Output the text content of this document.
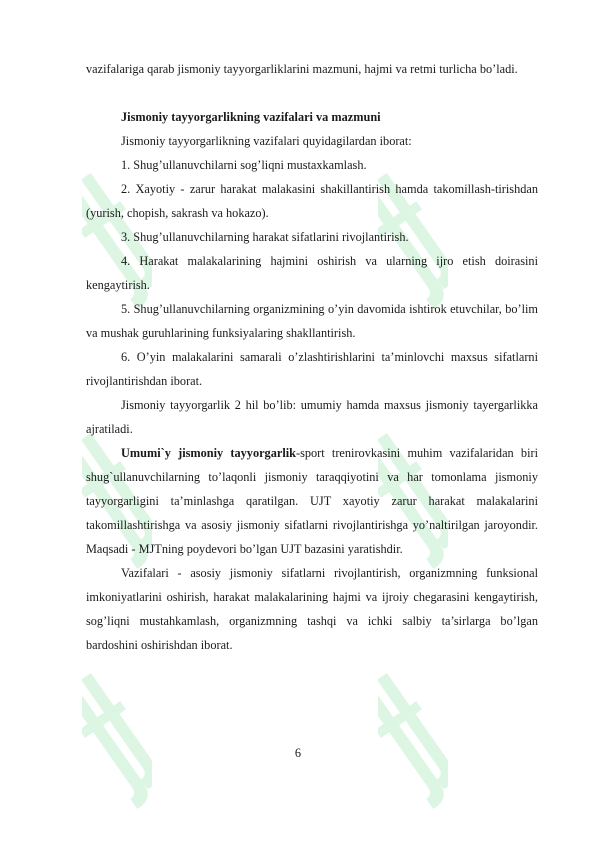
vazifalariga qarab jismoniy tayyorgarliklarini mazmuni, hajmi va retmi turlicha bo’ladi.

Jismoniy tayyorgarlikning vazifalari va mazmuni

Jismoniy tayyorgarlikning vazifalari quyidagilardan iborat:

1. Shug’ullanuvchilarni sog’liqni mustaxkamlash.

2. Xayotiy - zarur harakat malakasini shakillantirish hamda takomillash-tirishdan (yurish, chopish, sakrash va hokazo).

3. Shug’ullanuvchilarning harakat sifatlarini rivojlantirish.

4. Harakat malakalarining hajmini oshirish va ularning ijro etish doirasini kengaytirish.

5. Shug’ullanuvchilarning organizmining o’yin davomida ishtirok etuvchilar, bo’lim va mushak guruhlarining funksiyalaring shakllantirish.

6. O’yin malakalarini samarali o’zlashtirishlarini ta’minlovchi maxsus sifatlarni rivojlantirishdan iborat.

Jismoniy tayyorgarlik 2 hil bo’lib: umumiy hamda maxsus jismoniy tayergarlikka ajratiladi.

Umumi`y jismoniy tayyorgarlik-sport trenirovkasini muhim vazifalaridan biri shug`ullanuvchilarning to’laqonli jismoniy taraqqiyotini va har tomonlama jismoniy tayyorgarligini ta’minlashga qaratilgan. UJT xayotiy zarur harakat malakalarini takomillashtirishga va asosiy jismoniy sifatlarni rivojlantirishga yo’naltirilgan jaroyondir. Maqsadi - MJTning poydevori bo’lgan UJT bazasini yaratishdir.

Vazifalari - asosiy jismoniy sifatlarni rivojlantirish, organizmning funksional imkoniyatlarini oshirish, harakat malakalarining hajmi va ijroiy chegarasini kengaytirish, sog’liqni mustahkamlash, organizmning tashqi va ichki salbiy ta’sirlarga bo’lgan bardoshini oshirishdan iborat.

6
